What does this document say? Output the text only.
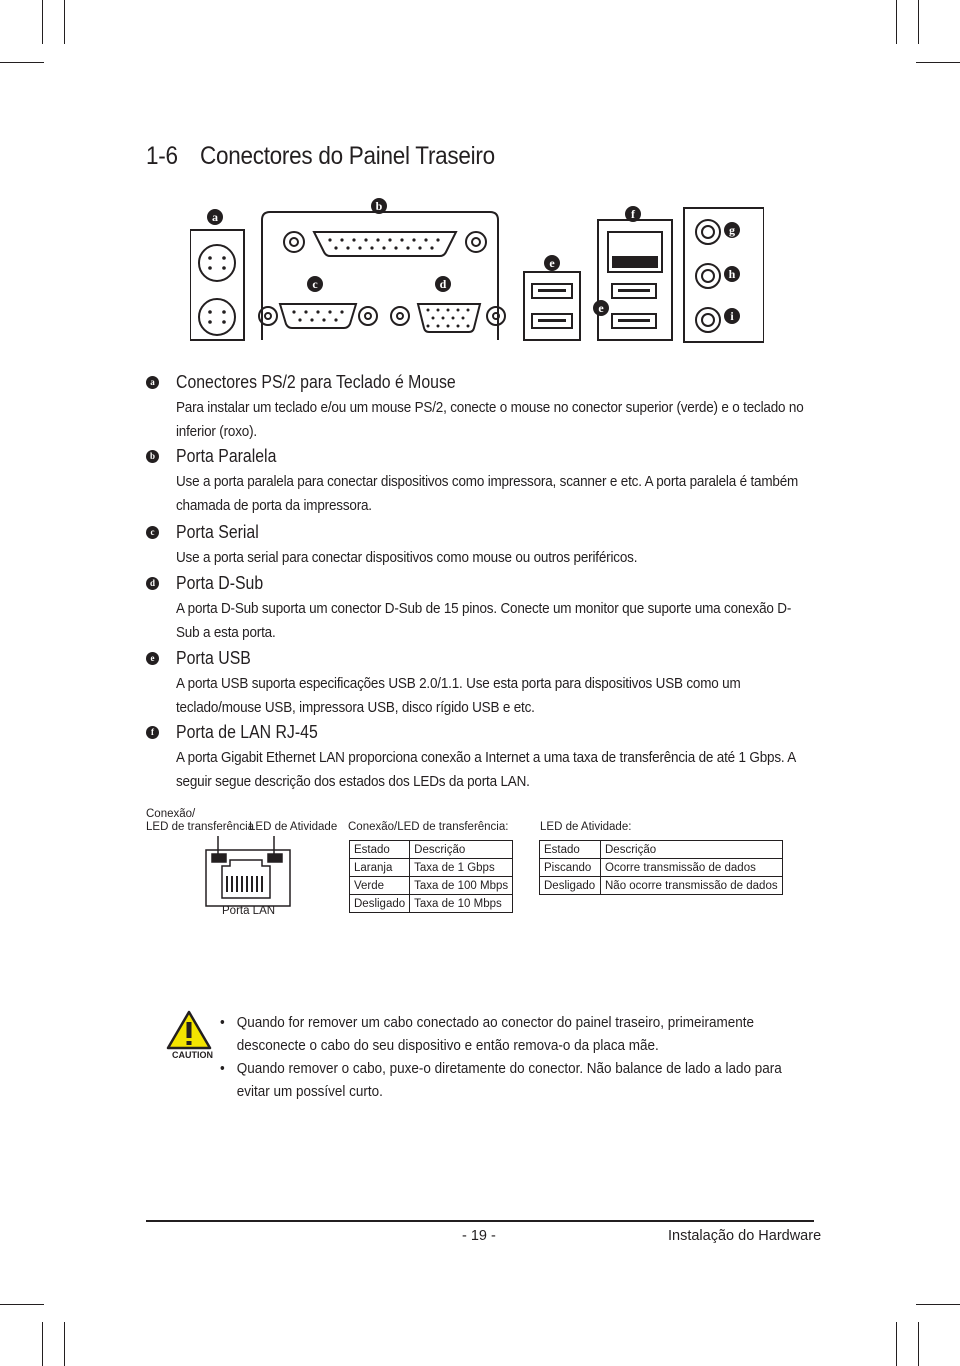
1-6 Conectores do Painel Traseiro
a
b
c	d
e
e
f
g
h
i
a Conectores PS/2 para Teclado é Mouse
Para instalar um teclado e/ou um mouse PS/2, conecte o mouse no conector superior (verde) e o teclado no inferior (roxo).
b Porta Paralela
Use a porta paralela para conectar dispositivos como impressora, scanner e etc. A porta paralela é também chamada de porta da impressora.
c Porta Serial
Use a porta serial para conectar dispositivos como mouse ou outros periféricos.
d Porta D-Sub
A porta D-Sub suporta um conector D-Sub de 15 pinos. Conecte um monitor que suporte uma conexão D-Sub a esta porta.
e Porta USB
A porta USB suporta especificações USB 2.0/1.1. Use esta porta para dispositivos USB como um teclado/mouse USB, impressora USB, disco rígido USB e etc.
f Porta de LAN RJ-45
A porta Gigabit Ethernet LAN proporciona conexão a Internet a uma taxa de transferência de até 1 Gbps. A seguir segue descrição dos estados dos LEDs da porta LAN.
Conexão/
LED de transferência
LED de Atividade
Porta LAN
Conexão/LED de transferência:
Estado	Descrição
Laranja	Taxa de 1 Gbps
Verde	Taxa de 100 Mbps
Desligado	Taxa de 10 Mbps
LED de Atividade:
Estado	Descrição
Piscando	Ocorre transmissão de dados
Desligado	Não ocorre transmissão de dados
CAUTION
• Quando for remover um cabo conectado ao conector do painel traseiro, primeiramente desconecte o cabo do seu dispositivo e então remova-o da placa mãe.
• Quando remover o cabo, puxe-o diretamente do conector. Não balance de lado a lado para evitar um possível curto.
- 19 -	Instalação do Hardware
